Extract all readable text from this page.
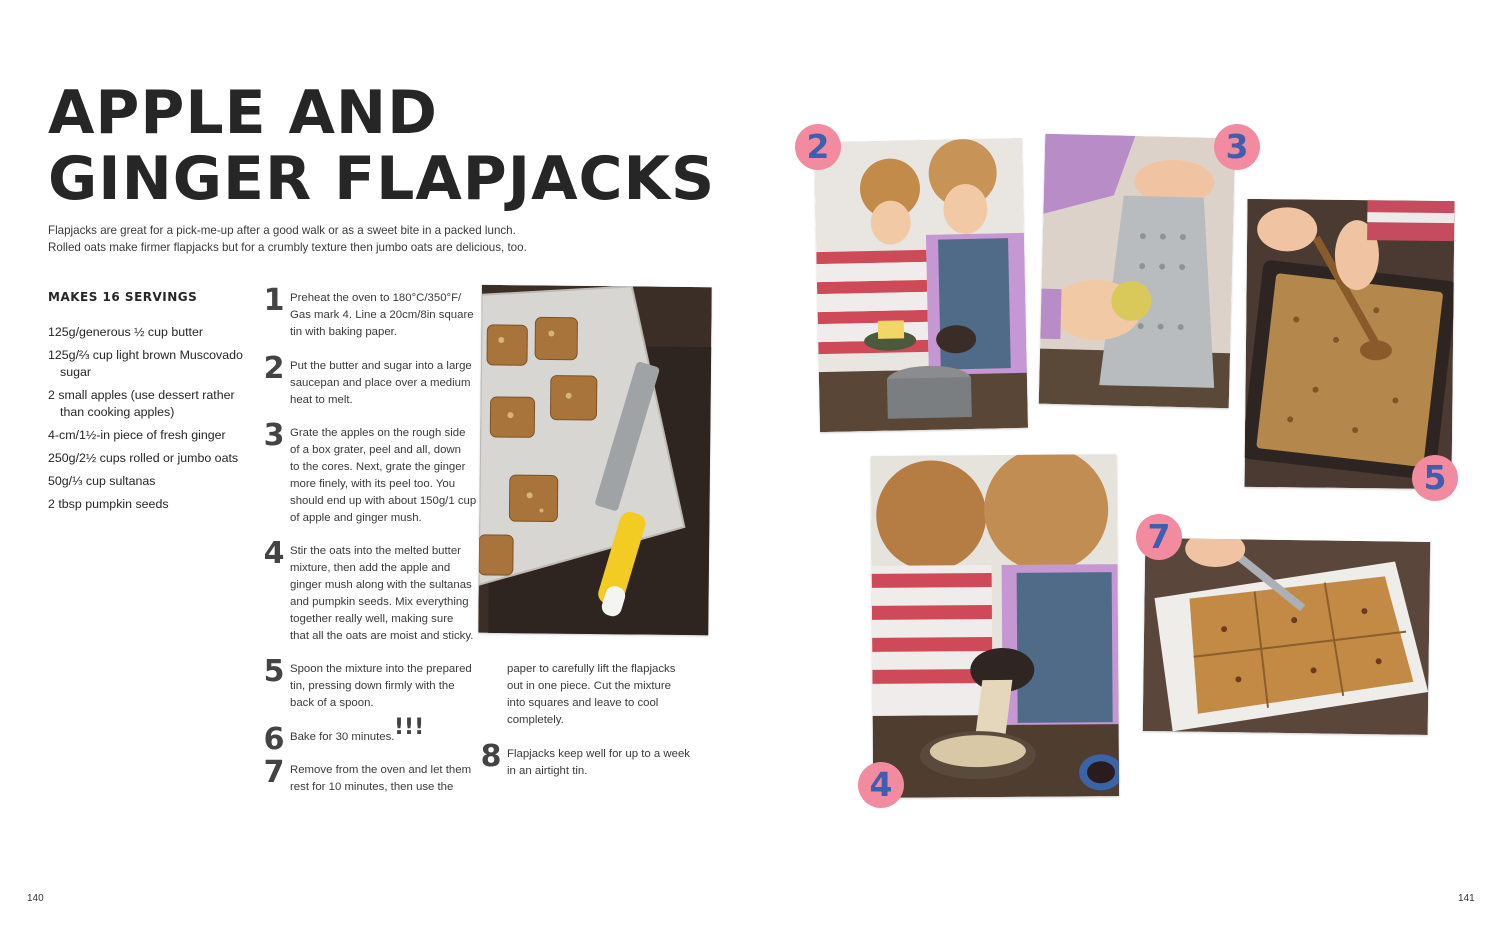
APPLE AND
GINGER FLAPJACKS
Flapjacks are great for a pick-me-up after a good walk or as a sweet bite in a packed lunch.
Rolled oats make firmer flapjacks but for a crumbly texture then jumbo oats are delicious, too.
MAKES 16 SERVINGS
125g/generous ½ cup butter
125g/⅔ cup light brown Muscovado sugar
2 small apples (use dessert rather than cooking apples)
4-cm/1½-in piece of fresh ginger
250g/2½ cups rolled or jumbo oats
50g/⅓ cup sultanas
2 tbsp pumpkin seeds
1 Preheat the oven to 180°C/350°F/
Gas mark 4. Line a 20cm/8in square
tin with baking paper.
2 Put the butter and sugar into a large
saucepan and place over a medium
heat to melt.
3 Grate the apples on the rough side
of a box grater, peel and all, down
to the cores. Next, grate the ginger
more finely, with its peel too. You
should end up with about 150g/1 cup
of apple and ginger mush.
4 Stir the oats into the melted butter
mixture, then add the apple and
ginger mush along with the sultanas
and pumpkin seeds. Mix everything
together really well, making sure
that all the oats are moist and sticky.
5 Spoon the mixture into the prepared
tin, pressing down firmly with the
back of a spoon.
6 Bake for 30 minutes. !!!
7 Remove from the oven and let them
rest for 10 minutes, then use the
paper to carefully lift the flapjacks
out in one piece. Cut the mixture
into squares and leave to cool
completely.
8 Flapjacks keep well for up to a week
in an airtight tin.
140
2	3
5
4
7
141
